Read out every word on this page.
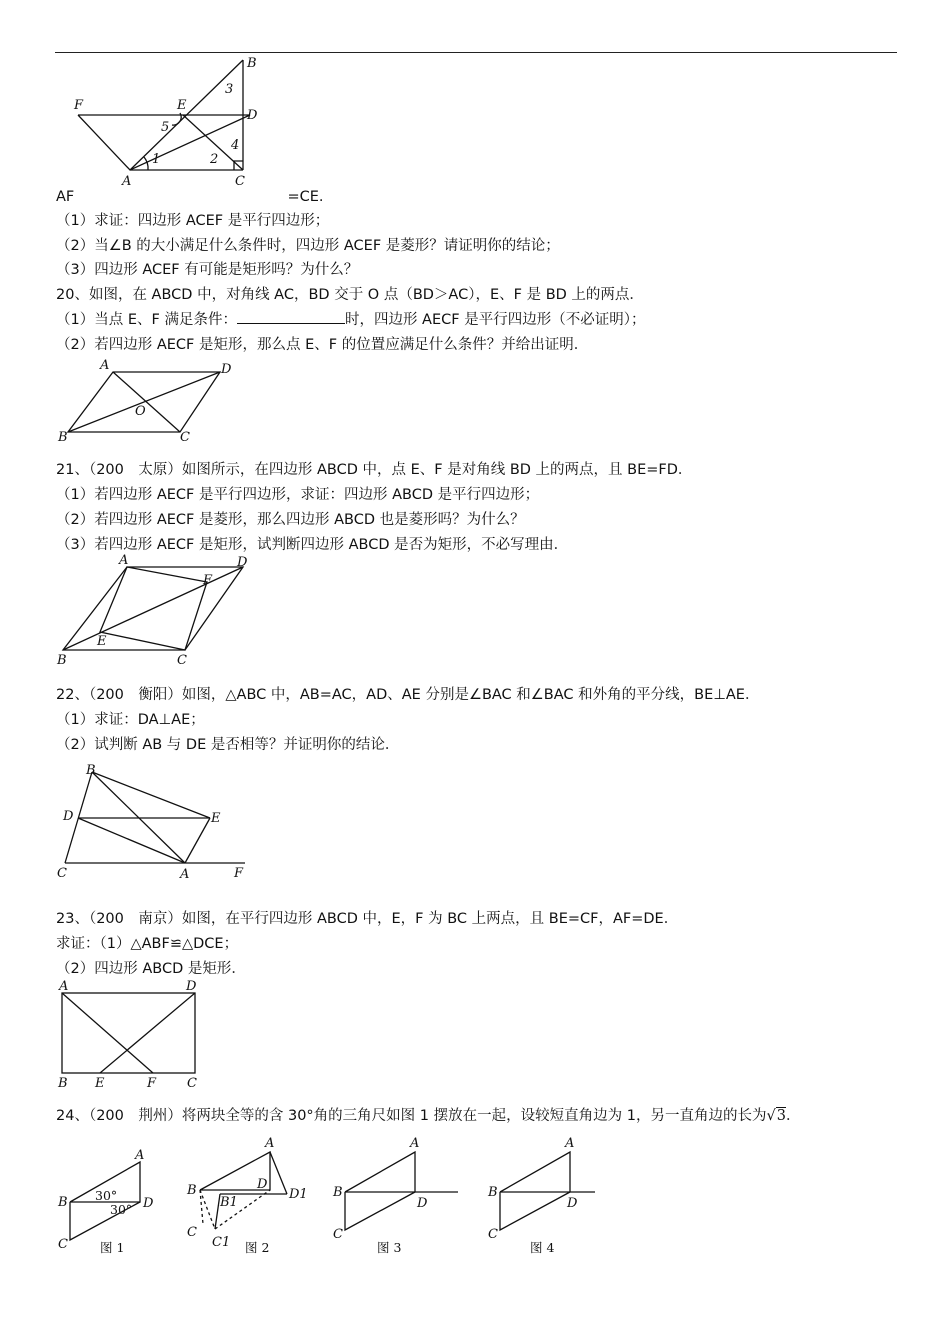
B
3
F	E
D
5
4
1	2
A	C
AF	=CE.
（1）求证：四边形 ACEF 是平行四边形；
（2）当∠B 的大小满足什么条件时，四边形 ACEF 是菱形？请证明你的结论；
（3）四边形 ACEF 有可能是矩形吗？为什么？
20、如图，在 ABCD 中，对角线 AC，BD 交于 O 点（BD＞AC），E、F 是 BD 上的两点．
（1）当点 E、F 满足条件：	时，四边形 AECF 是平行四边形（不必证明）；
（2）若四边形 AECF 是矩形，那么点 E、F 的位置应满足什么条件？并给出证明．
A	D
O
B	C
21、（200　太原）如图所示，在四边形 ABCD 中，点 E、F 是对角线 BD 上的两点，且 BE=FD．
（1）若四边形 AECF 是平行四边形，求证：四边形 ABCD 是平行四边形；
（2）若四边形 AECF 是菱形，那么四边形 ABCD 也是菱形吗？为什么？
（3）若四边形 AECF 是矩形，试判断四边形 ABCD 是否为矩形，不必写理由．
A	D
F
E
B	C
22、（200　衡阳）如图，△ABC 中，AB=AC，AD、AE 分别是∠BAC 和∠BAC 和外角的平分线，BE⊥AE．
（1）求证：DA⊥AE；
（2）试判断 AB 与 DE 是否相等？并证明你的结论．
B
D	E
C	A	F
23、（200　南京）如图，在平行四边形 ABCD 中，E，F 为 BC 上两点，且 BE=CF，AF=DE．
求证：（1）△ABF≌△DCE；
（2）四边形 ABCD 是矩形．
A	D
B E	F C
24、（200　荆州）将两块全等的含 30°角的三角尺如图 1 摆放在一起，设较短直角边为 1，另一直角边的长为√3．
A
B 30°
30° D
C	图 1
A
B
B1
D
D1
C
C1 图 2
A
B
D
C
图 3
A
B
D
C
图 4
